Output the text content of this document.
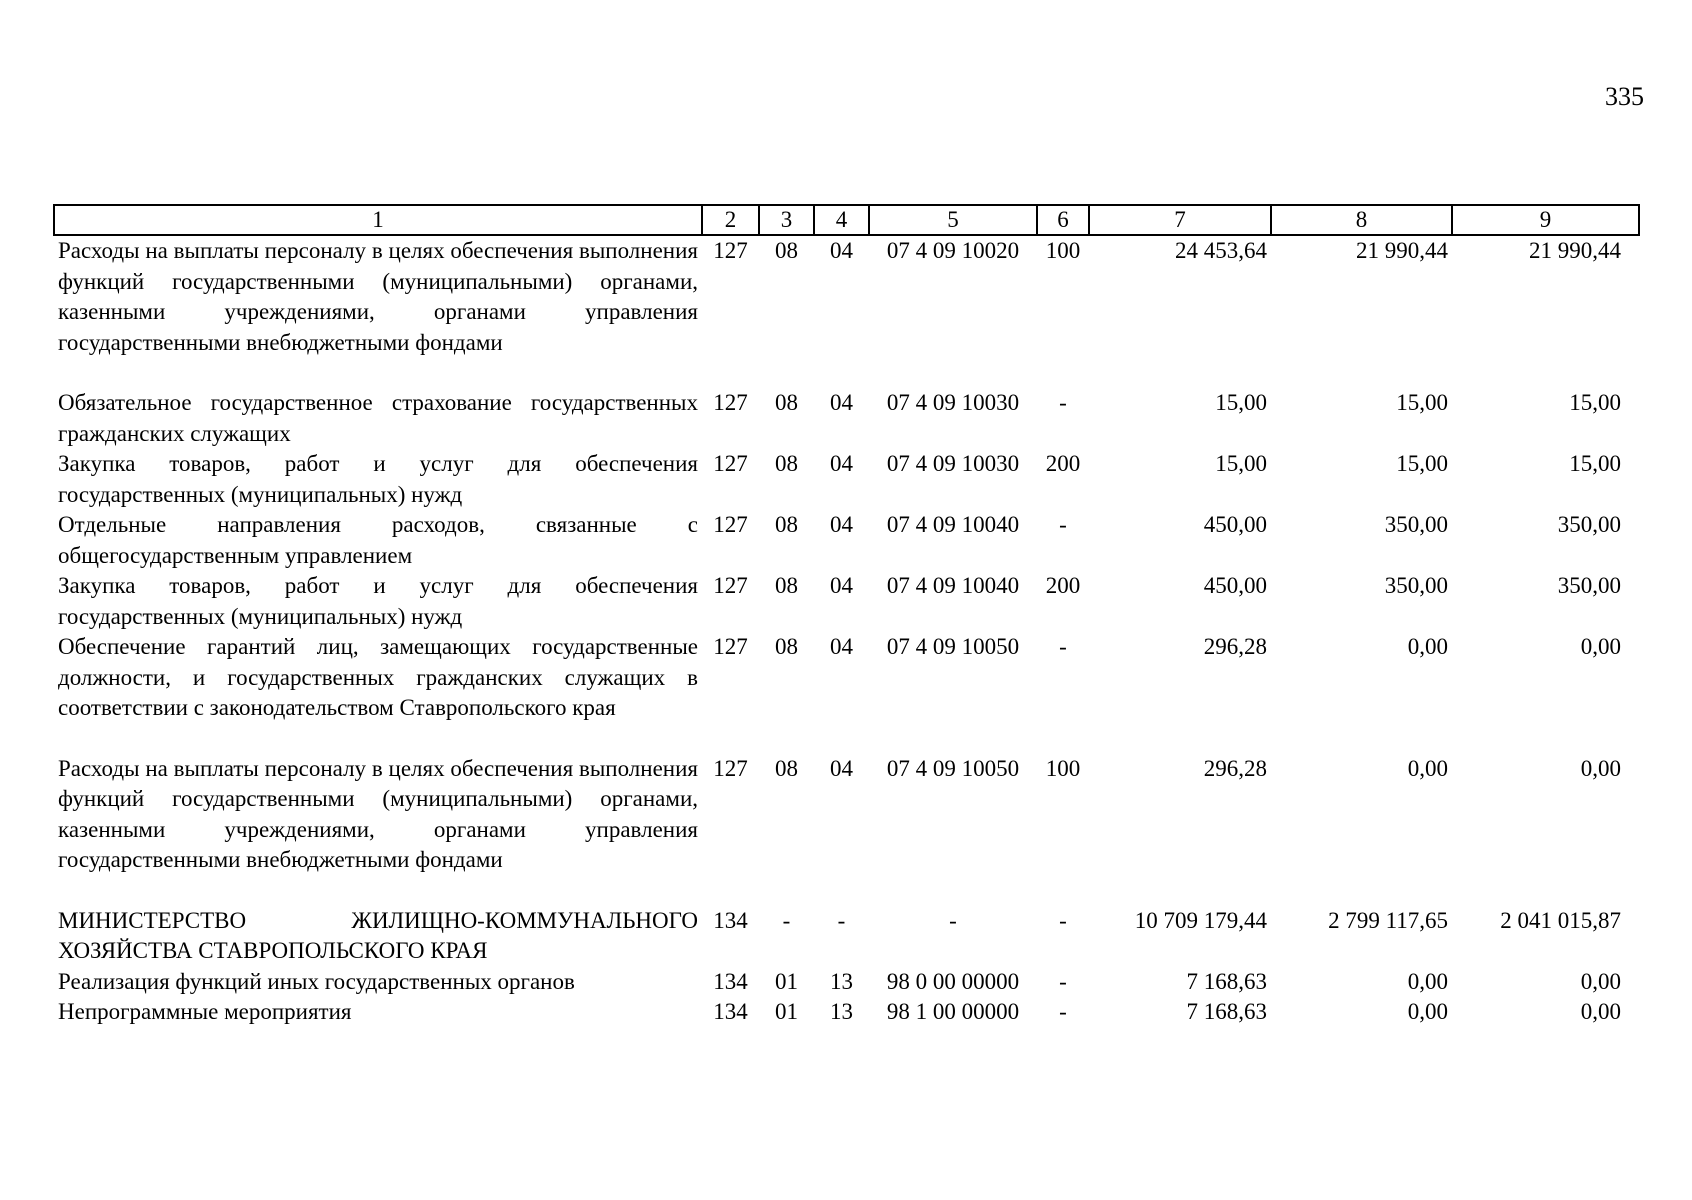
335
1	2	3	4	5	6	7	8	9
Расходы на выплаты персоналу в целях обеспечения выполнения функций государственными (муниципальными) органами, казенными учреждениями, органами управления государственными внебюджетными фондами	127	08	04	07 4 09 10020	100	24 453,64	21 990,44	21 990,44

Обязательное государственное страхование государственных гражданских служащих	127	08	04	07 4 09 10030	-	15,00	15,00	15,00
Закупка товаров, работ и услуг для обеспечения государственных (муниципальных) нужд	127	08	04	07 4 09 10030	200	15,00	15,00	15,00
Отдельные направления расходов, связанные с общегосударственным управлением	127	08	04	07 4 09 10040	-	450,00	350,00	350,00
Закупка товаров, работ и услуг для обеспечения государственных (муниципальных) нужд	127	08	04	07 4 09 10040	200	450,00	350,00	350,00
Обеспечение гарантий лиц, замещающих государственные должности, и государственных гражданских служащих в соответствии с законодательством Ставропольского края	127	08	04	07 4 09 10050	-	296,28	0,00	0,00

Расходы на выплаты персоналу в целях обеспечения выполнения функций государственными (муниципальными) органами, казенными учреждениями, органами управления государственными внебюджетными фондами	127	08	04	07 4 09 10050	100	296,28	0,00	0,00

МИНИСТЕРСТВО ЖИЛИЩНО-КОММУНАЛЬНОГО ХОЗЯЙСТВА СТАВРОПОЛЬСКОГО КРАЯ	134	-	-	-	-	10 709 179,44	2 799 117,65	2 041 015,87
Реализация функций иных государственных органов	134	01	13	98 0 00 00000	-	7 168,63	0,00	0,00
Непрограммные мероприятия	134	01	13	98 1 00 00000	-	7 168,63	0,00	0,00
